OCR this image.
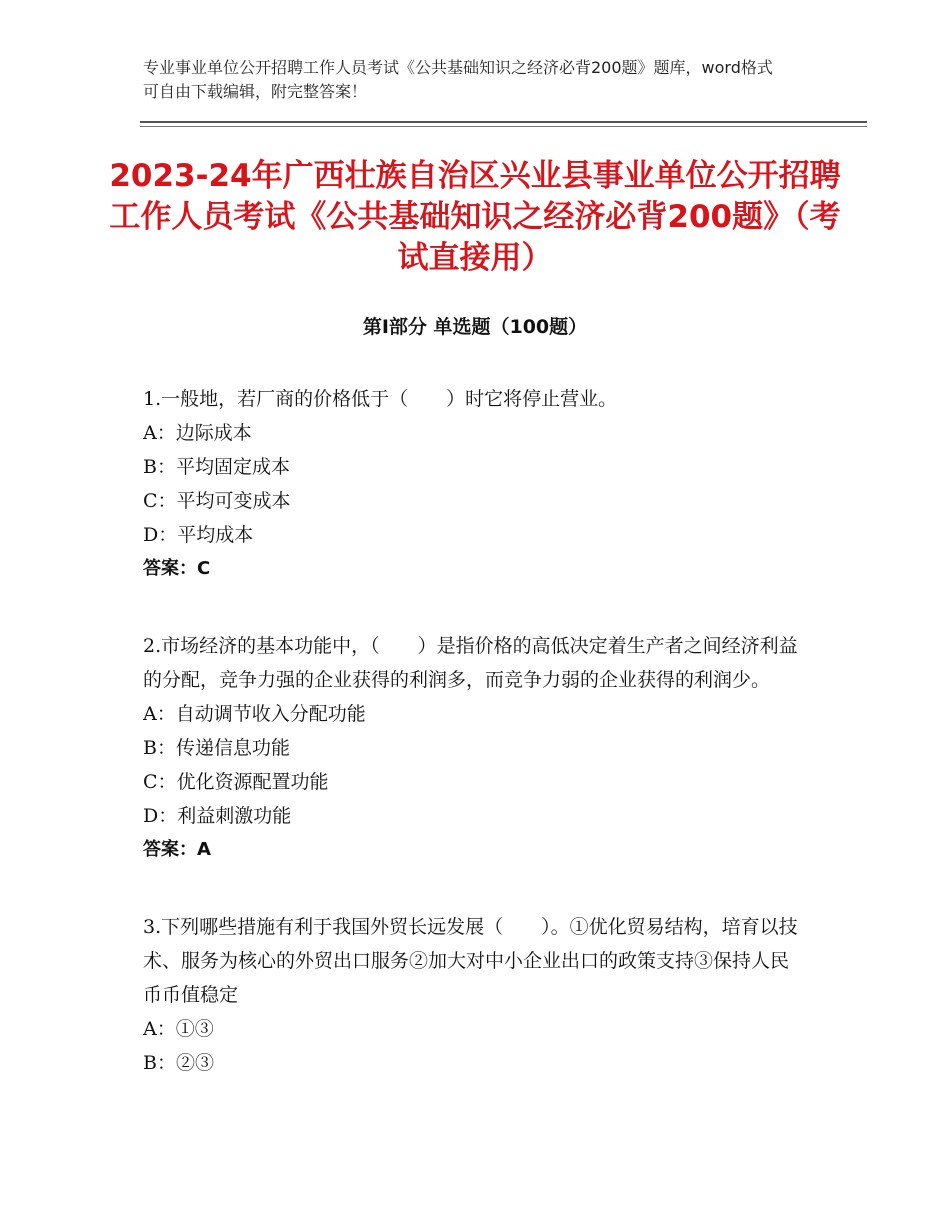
专业事业单位公开招聘工作人员考试《公共基础知识之经济必背200题》题库，word格式可自由下载编辑，附完整答案！
2023-24年广西壮族自治区兴业县事业单位公开招聘工作人员考试《公共基础知识之经济必背200题》（考试直接用）
第Ⅰ部分 单选题（100题）
1.一般地，若厂商的价格低于（　　）时它将停止营业。
A：边际成本
B：平均固定成本
C：平均可变成本
D：平均成本
答案：C
2.市场经济的基本功能中，（　　）是指价格的高低决定着生产者之间经济利益的分配，竞争力强的企业获得的利润多，而竞争力弱的企业获得的利润少。
A：自动调节收入分配功能
B：传递信息功能
C：优化资源配置功能
D：利益刺激功能
答案：A
3.下列哪些措施有利于我国外贸长远发展（　　）。①优化贸易结构，培育以技术、服务为核心的外贸出口服务②加大对中小企业出口的政策支持③保持人民币币值稳定
A：①③
B：②③
